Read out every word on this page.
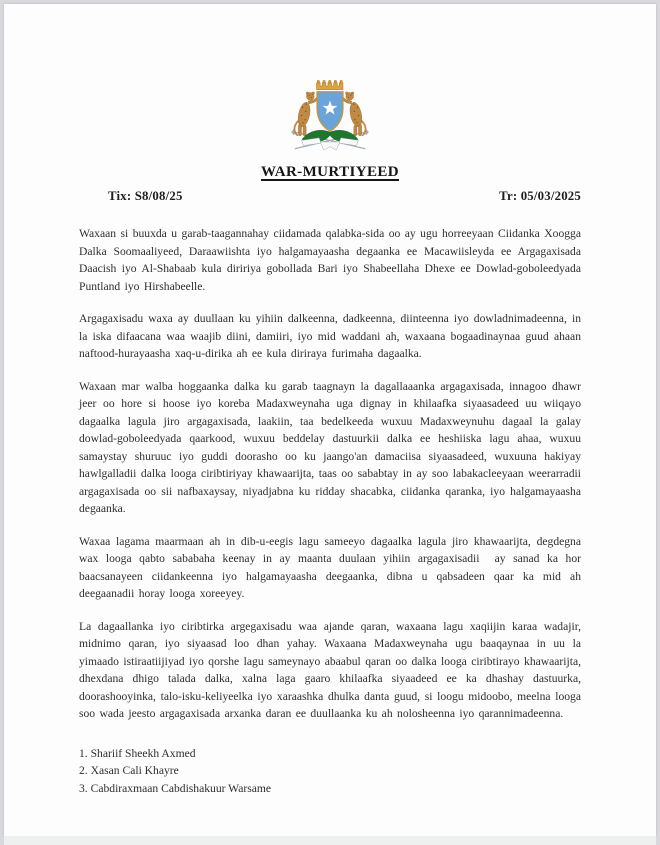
WAR-MURTIYEED
Tix: S8/08/25	Tr: 05/03/2025

Waxaan si buuxda u garab-taagannahay ciidamada qalabka-sida oo ay ugu horreeyaan Ciidanka Xoogga Dalka Soomaaliyeed, Daraawiishta iyo halgamayaasha degaanka ee Macawiisleyda ee Argagaxisada Daacish iyo Al-Shabaab kula diririya gobollada Bari iyo Shabeellaha Dhexe ee Dowlad-goboleedyada Puntland iyo Hirshabeelle.

Argagaxisadu waxa ay duullaan ku yihiin dalkeenna, dadkeenna, diinteenna iyo dowladnimadeenna, in la iska difaacana waa waajib diini, damiiri, iyo mid waddani ah, waxaana bogaadinaynaa guud ahaan naftood-hurayaasha xaq-u-dirika ah ee kula diriraya furimaha dagaalka.

Waxaan mar walba hoggaanka dalka ku garab taagnayn la dagallaaanka argagaxisada, innagoo dhawr jeer oo hore si hoose iyo koreba Madaxweynaha uga dignay in khilaafka siyaasadeed uu wiiqayo dagaalka lagula jiro argagaxisada, laakiin, taa bedelkeeda wuxuu Madaxweynuhu dagaal la galay dowlad-goboleedyada qaarkood, wuxuu beddelay dastuurkii dalka ee heshiiska lagu ahaa, wuxuu samaystay shuruuc iyo guddi doorasho oo ku jaango'an damaciisa siyaasadeed, wuxuuna hakiyay hawlgalladii dalka looga ciribtiriyay khawaarijta, taas oo sababtay in ay soo labakacleeyaan weerarradii argagaxisada oo sii nafbaxaysay, niyadjabna ku ridday shacabka, ciidanka qaranka, iyo halgamayaasha degaanka.

Waxaa lagama maarmaan ah in dib-u-eegis lagu sameeyo dagaalka lagula jiro khawaarijta, degdegna wax looga qabto sababaha keenay in ay maanta duulaan yihiin argagaxisadii  ay sanad ka hor baacsanayeen ciidankeenna iyo halgamayaasha deegaanka, dibna u qabsadeen qaar ka mid ah deegaanadii horay looga xoreeyey.

La dagaallanka iyo ciribtirka argegaxisadu waa ajande qaran, waxaana lagu xaqiijin karaa wadajir, midnimo qaran, iyo siyaasad loo dhan yahay. Waxaana Madaxweynaha ugu baaqaynaa in uu la yimaado istiraatiijiyad iyo qorshe lagu sameynayo abaabul qaran oo dalka looga ciribtirayo khawaarijta, dhexdana dhigo talada dalka, xalna laga gaaro khilaafka siyaadeed ee ka dhashay dastuurka, doorashooyinka, talo-isku-keliyeelka iyo xaraashka dhulka danta guud, si loogu midoobo, meelna looga soo wada jeesto argagaxisada arxanka daran ee duullaanka ku ah nolosheenna iyo qarannimadeenna.

1. Shariif Sheekh Axmed
2. Xasan Cali Khayre
3. Cabdiraxmaan Cabdishakuur Warsame
